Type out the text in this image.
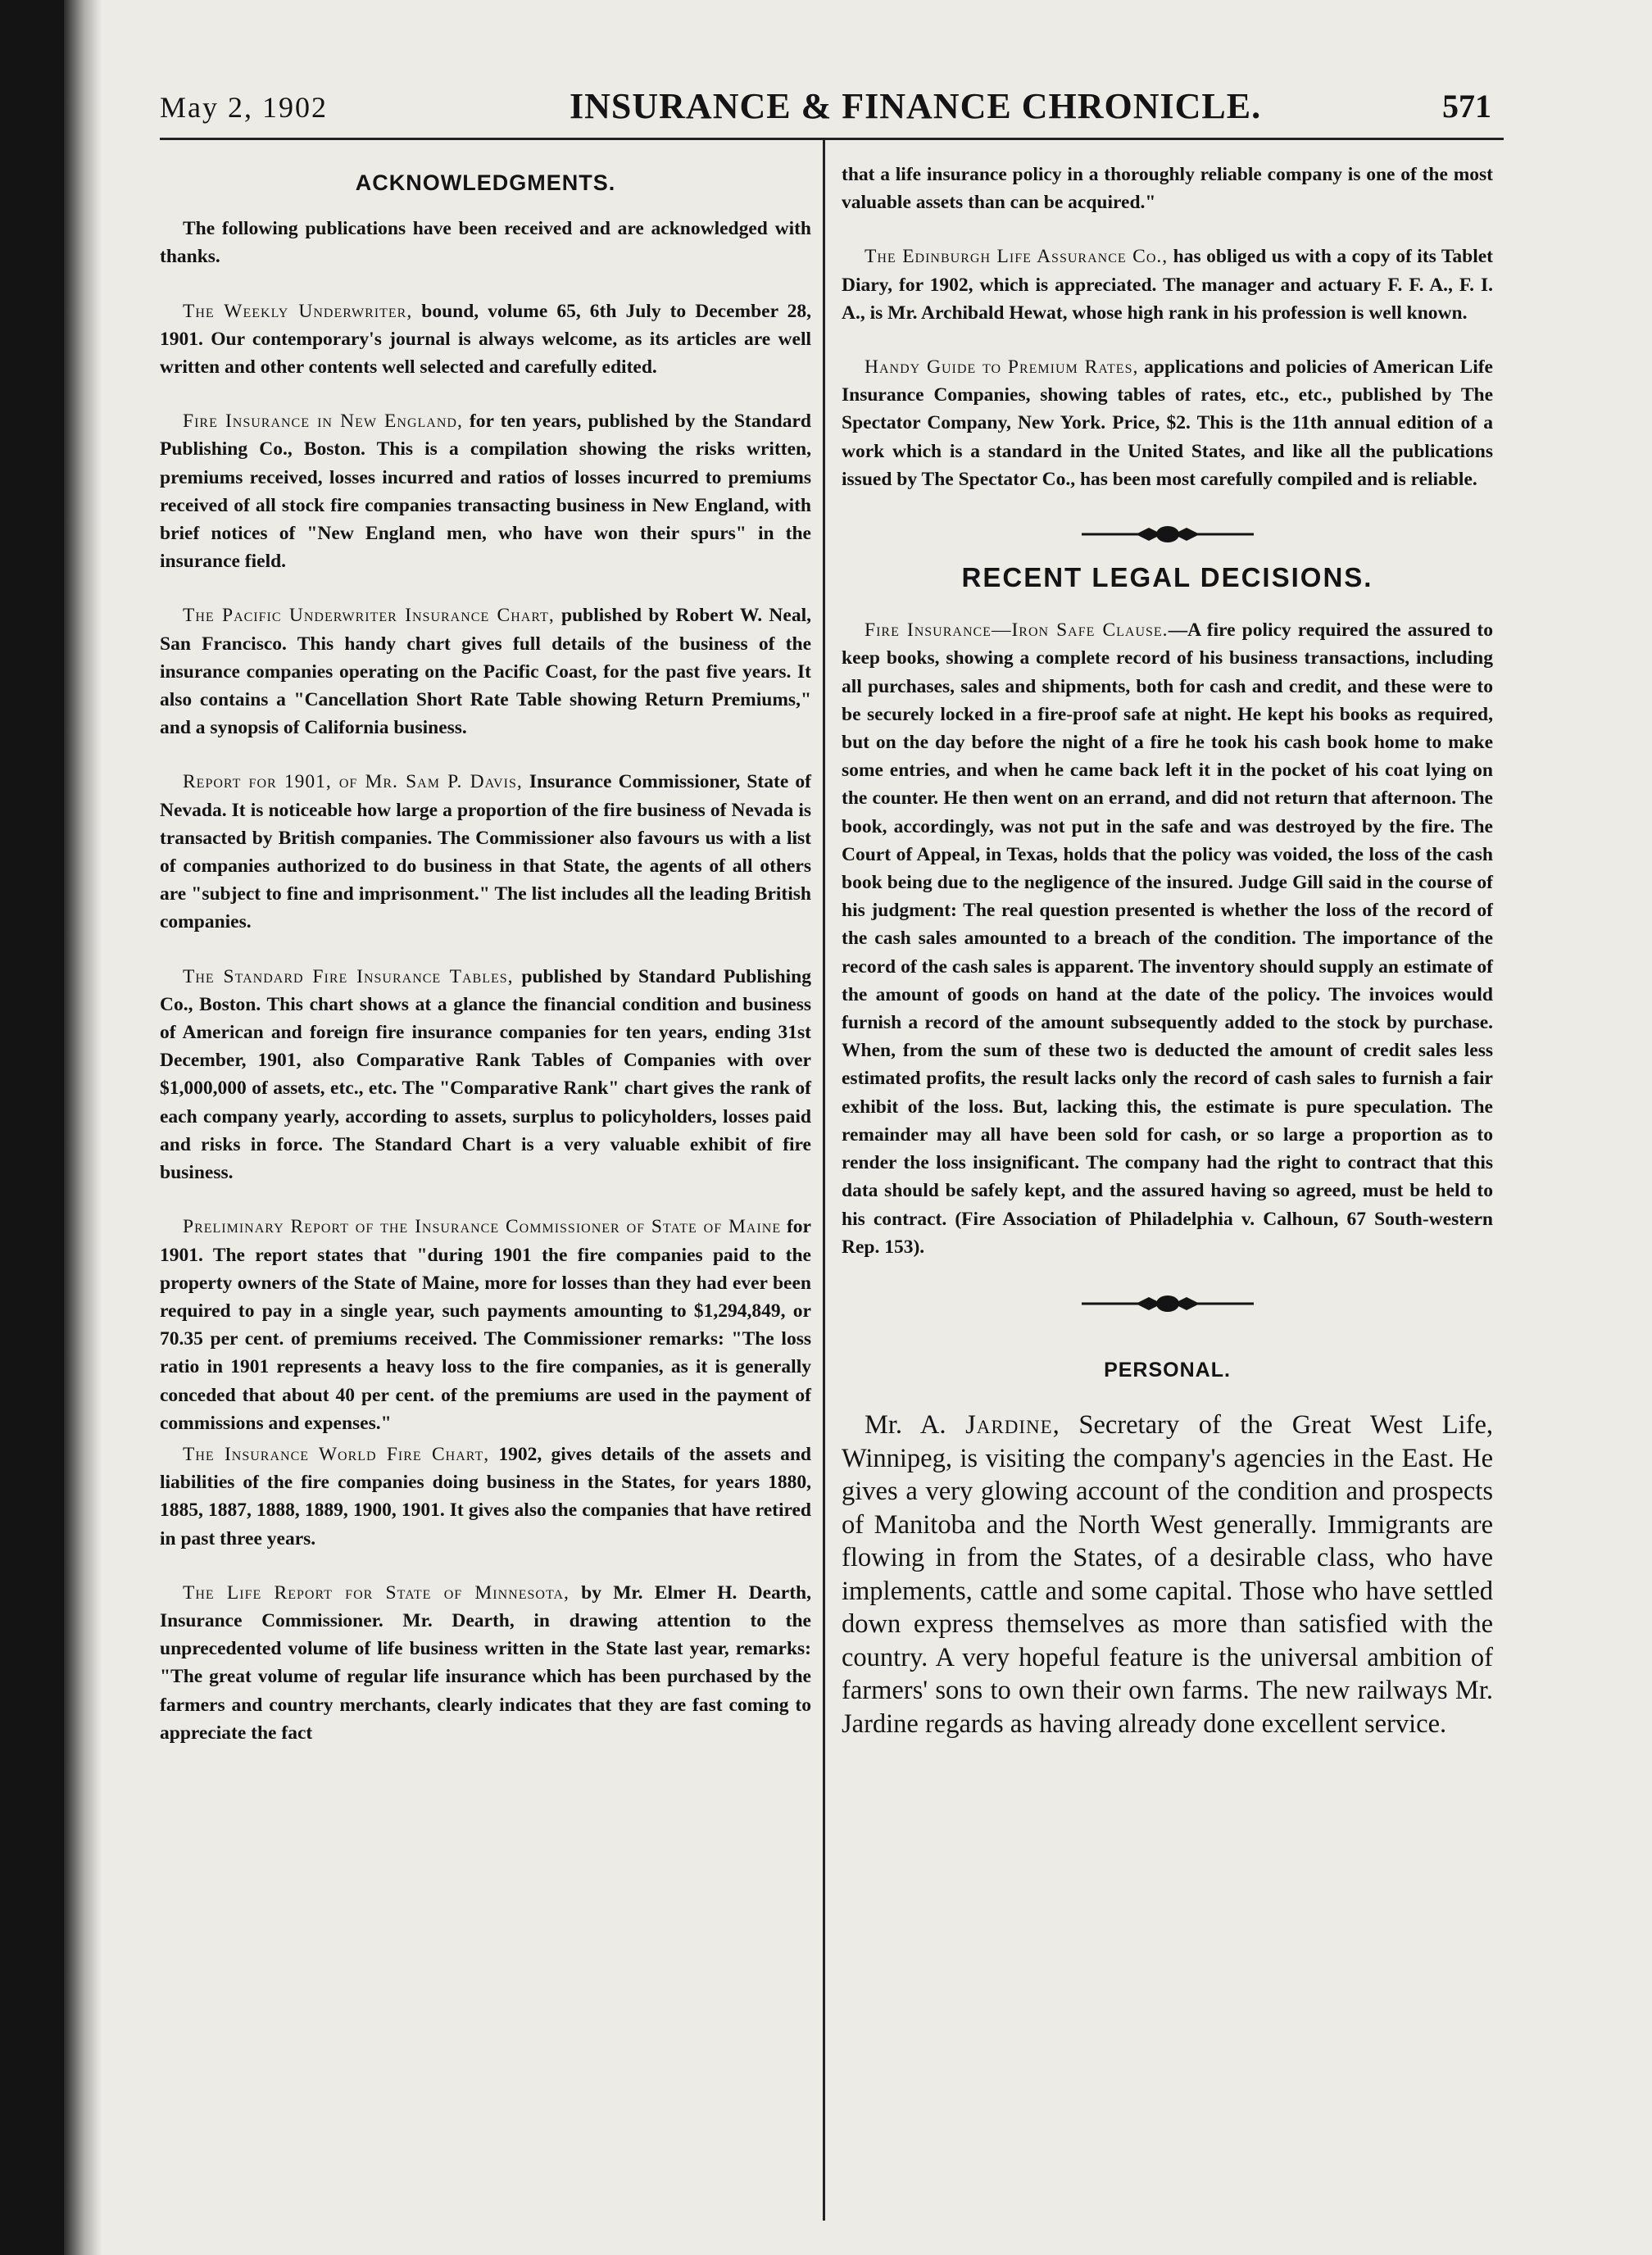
May 2, 1902	INSURANCE & FINANCE CHRONICLE.	571
ACKNOWLEDGMENTS.

The following publications have been received and are acknowledged with thanks.

The Weekly Underwriter, bound, volume 65, 6th July to December 28, 1901. Our contemporary's journal is always welcome, as its articles are well written and other contents well selected and carefully edited.

Fire Insurance in New England, for ten years, published by the Standard Publishing Co., Boston. This is a compilation showing the risks written, premiums received, losses incurred and ratios of losses incurred to premiums received of all stock fire companies transacting business in New England, with brief notices of "New England men, who have won their spurs" in the insurance field.

The Pacific Underwriter Insurance Chart, published by Robert W. Neal, San Francisco. This handy chart gives full details of the business of the insurance companies operating on the Pacific Coast, for the past five years. It also contains a "Cancellation Short Rate Table showing Return Premiums," and a synopsis of California business.

Report for 1901, of Mr. Sam P. Davis, Insurance Commissioner, State of Nevada. It is noticeable how large a proportion of the fire business of Nevada is transacted by British companies. The Commissioner also favours us with a list of companies authorized to do business in that State, the agents of all others are "subject to fine and imprisonment." The list includes all the leading British companies.

The Standard Fire Insurance Tables, published by Standard Publishing Co., Boston. This chart shows at a glance the financial condition and business of American and foreign fire insurance companies for ten years, ending 31st December, 1901, also Comparative Rank Tables of Companies with over $1,000,000 of assets, etc., etc. The "Comparative Rank" chart gives the rank of each company yearly, according to assets, surplus to policyholders, losses paid and risks in force. The Standard Chart is a very valuable exhibit of fire business.

Preliminary Report of the Insurance Commissioner of State of Maine for 1901. The report states that "during 1901 the fire companies paid to the property owners of the State of Maine, more for losses than they had ever been required to pay in a single year, such payments amounting to $1,294,849, or 70.35 per cent. of premiums received. The Commissioner remarks: "The loss ratio in 1901 represents a heavy loss to the fire companies, as it is generally conceded that about 40 per cent. of the premiums are used in the payment of commissions and expenses."

The Insurance World Fire Chart, 1902, gives details of the assets and liabilities of the fire companies doing business in the States, for years 1880, 1885, 1887, 1888, 1889, 1900, 1901. It gives also the companies that have retired in past three years.

The Life Report for State of Minnesota, by Mr. Elmer H. Dearth, Insurance Commissioner. Mr. Dearth, in drawing attention to the unprecedented volume of life business written in the State last year, remarks: "The great volume of regular life insurance which has been purchased by the farmers and country merchants, clearly indicates that they are fast coming to appreciate the fact

that a life insurance policy in a thoroughly reliable company is one of the most valuable assets than can be acquired."

The Edinburgh Life Assurance Co., has obliged us with a copy of its Tablet Diary, for 1902, which is appreciated. The manager and actuary F. F. A., F. I. A., is Mr. Archibald Hewat, whose high rank in his profession is well known.

Handy Guide to Premium Rates, applications and policies of American Life Insurance Companies, showing tables of rates, etc., etc., published by The Spectator Company, New York. Price, $2. This is the 11th annual edition of a work which is a standard in the United States, and like all the publications issued by The Spectator Co., has been most carefully compiled and is reliable.

RECENT LEGAL DECISIONS.

Fire Insurance—Iron Safe Clause.—A fire policy required the assured to keep books, showing a complete record of his business transactions, including all purchases, sales and shipments, both for cash and credit, and these were to be securely locked in a fire-proof safe at night. He kept his books as required, but on the day before the night of a fire he took his cash book home to make some entries, and when he came back left it in the pocket of his coat lying on the counter. He then went on an errand, and did not return that afternoon. The book, accordingly, was not put in the safe and was destroyed by the fire. The Court of Appeal, in Texas, holds that the policy was voided, the loss of the cash book being due to the negligence of the insured. Judge Gill said in the course of his judgment: The real question presented is whether the loss of the record of the cash sales amounted to a breach of the condition. The importance of the record of the cash sales is apparent. The inventory should supply an estimate of the amount of goods on hand at the date of the policy. The invoices would furnish a record of the amount subsequently added to the stock by purchase. When, from the sum of these two is deducted the amount of credit sales less estimated profits, the result lacks only the record of cash sales to furnish a fair exhibit of the loss. But, lacking this, the estimate is pure speculation. The remainder may all have been sold for cash, or so large a proportion as to render the loss insignificant. The company had the right to contract that this data should be safely kept, and the assured having so agreed, must be held to his contract. (Fire Association of Philadelphia v. Calhoun, 67 South-western Rep. 153).

PERSONAL.

Mr. A. Jardine, Secretary of the Great West Life, Winnipeg, is visiting the company's agencies in the East. He gives a very glowing account of the condition and prospects of Manitoba and the North West generally. Immigrants are flowing in from the States, of a desirable class, who have implements, cattle and some capital. Those who have settled down express themselves as more than satisfied with the country. A very hopeful feature is the universal ambition of farmers' sons to own their own farms. The new railways Mr. Jardine regards as having already done excellent service.
